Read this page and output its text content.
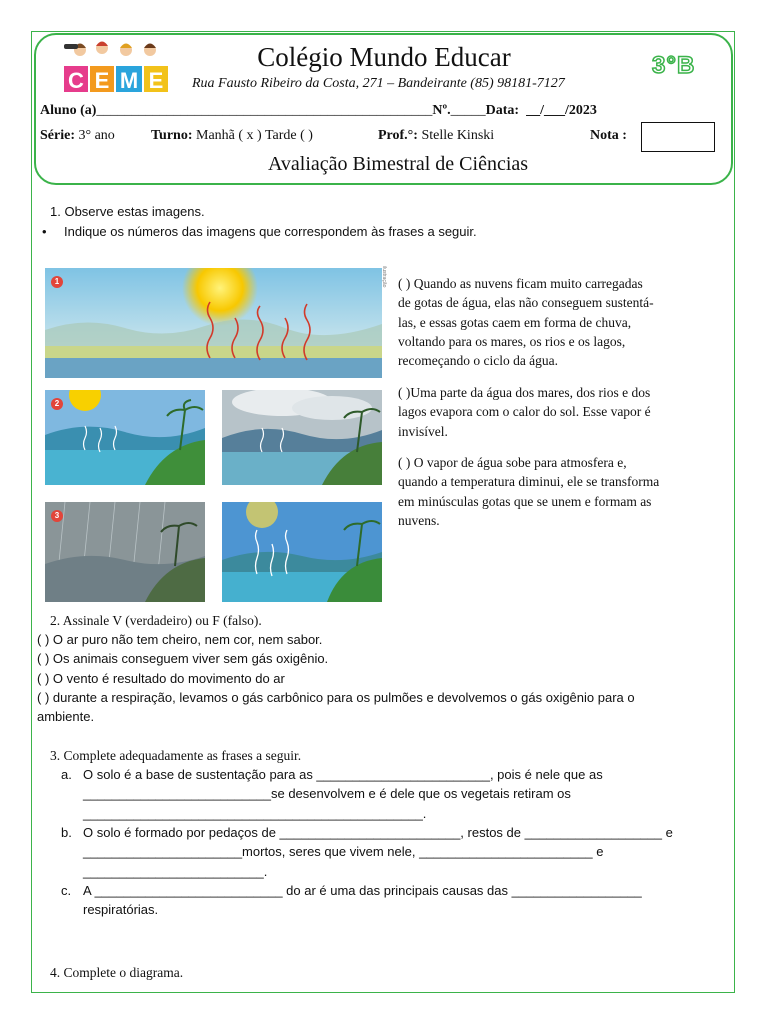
C E M E
Colégio Mundo Educar
Rua Fausto Ribeiro da Costa, 271 – Bandeirante (85) 98181-7127
3°B
Aluno (a)________________________________________________Nº._____Data: __/___/2023
Série: 3° ano	Turno: Manhã ( x ) Tarde ( )	Prof.°: Stelle Kinski	Nota :
Avaliação Bimestral de Ciências
1. Observe estas imagens.
• Indique os números das imagens que correspondem às frases a seguir.
1	ilustração
2
3
( ) Quando as nuvens ficam muito carregadas
de gotas de água, elas não conseguem sustentá-
las, e essas gotas caem em forma de chuva,
voltando para os mares, os rios e os lagos,
recomeçando o ciclo da água.
( )Uma parte da água dos mares, dos rios e dos
lagos evapora com o calor do sol. Esse vapor é
invisível.
( ) O vapor de água sobe para atmosfera e,
quando a temperatura diminui, ele se transforma
em minúsculas gotas que se unem e formam as
nuvens.
2. Assinale V (verdadeiro) ou F (falso).
( ) O ar puro não tem cheiro, nem cor, nem sabor.
( ) Os animais conseguem viver sem gás oxigênio.
( ) O vento é resultado do movimento do ar
( ) durante a respiração, levamos o gás carbônico para os pulmões e devolvemos o gás oxigênio para o
ambiente.
3. Complete adequadamente as frases a seguir.
a. O solo é a base de sustentação para as ________________________, pois é nele que as
__________________________se desenvolvem e é dele que os vegetais retiram os
_______________________________________________.
b. O solo é formado por pedaços de _________________________, restos de ___________________ e
______________________mortos, seres que vivem nele, ________________________ e
_________________________.
c. A __________________________ do ar é uma das principais causas das __________________
respiratórias.
4. Complete o diagrama.
